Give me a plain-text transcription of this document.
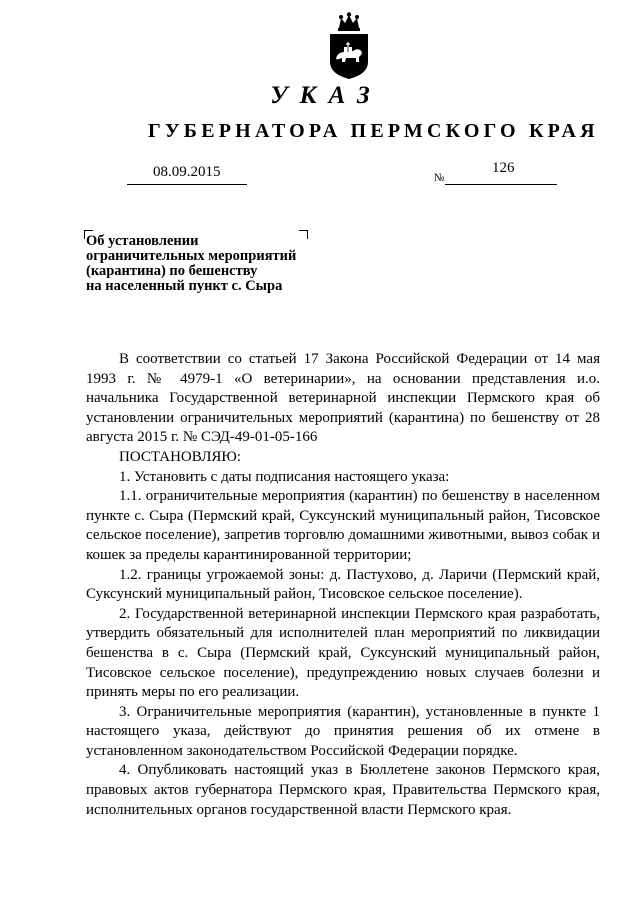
УКАЗ
ГУБЕРНАТОРА ПЕРМСКОГО КРАЯ
08.09.2015	№
126
Об установлении
ограничительных мероприятий
(карантина) по бешенству
на населенный пункт с. Сыра

В соответствии со статьей 17 Закона Российской Федерации от 14 мая 1993 г. № 4979-1 «О ветеринарии», на основании представления и.о. начальника Государственной ветеринарной инспекции Пермского края об установлении ограничительных мероприятий (карантина) по бешенству от 28 августа 2015 г. № СЭД-49-01-05-166

ПОСТАНОВЛЯЮ:

1. Установить с даты подписания настоящего указа:

1.1. ограничительные мероприятия (карантин) по бешенству в населенном пункте с. Сыра (Пермский край, Суксунский муниципальный район, Тисовское сельское поселение), запретив торговлю домашними животными, вывоз собак и кошек за пределы карантинированной территории;

1.2. границы угрожаемой зоны: д. Пастухово, д. Ларичи (Пермский край, Суксунский муниципальный район, Тисовское сельское поселение).

2. Государственной ветеринарной инспекции Пермского края разработать, утвердить обязательный для исполнителей план мероприятий по ликвидации бешенства в с. Сыра (Пермский край, Суксунский муниципальный район, Тисовское сельское поселение), предупреждению новых случаев болезни и принять меры по его реализации.

3. Ограничительные мероприятия (карантин), установленные в пункте 1 настоящего указа, действуют до принятия решения об их отмене в установленном законодательством Российской Федерации порядке.

4. Опубликовать настоящий указ в Бюллетене законов Пермского края, правовых актов губернатора Пермского края, Правительства Пермского края, исполнительных органов государственной власти Пермского края.
